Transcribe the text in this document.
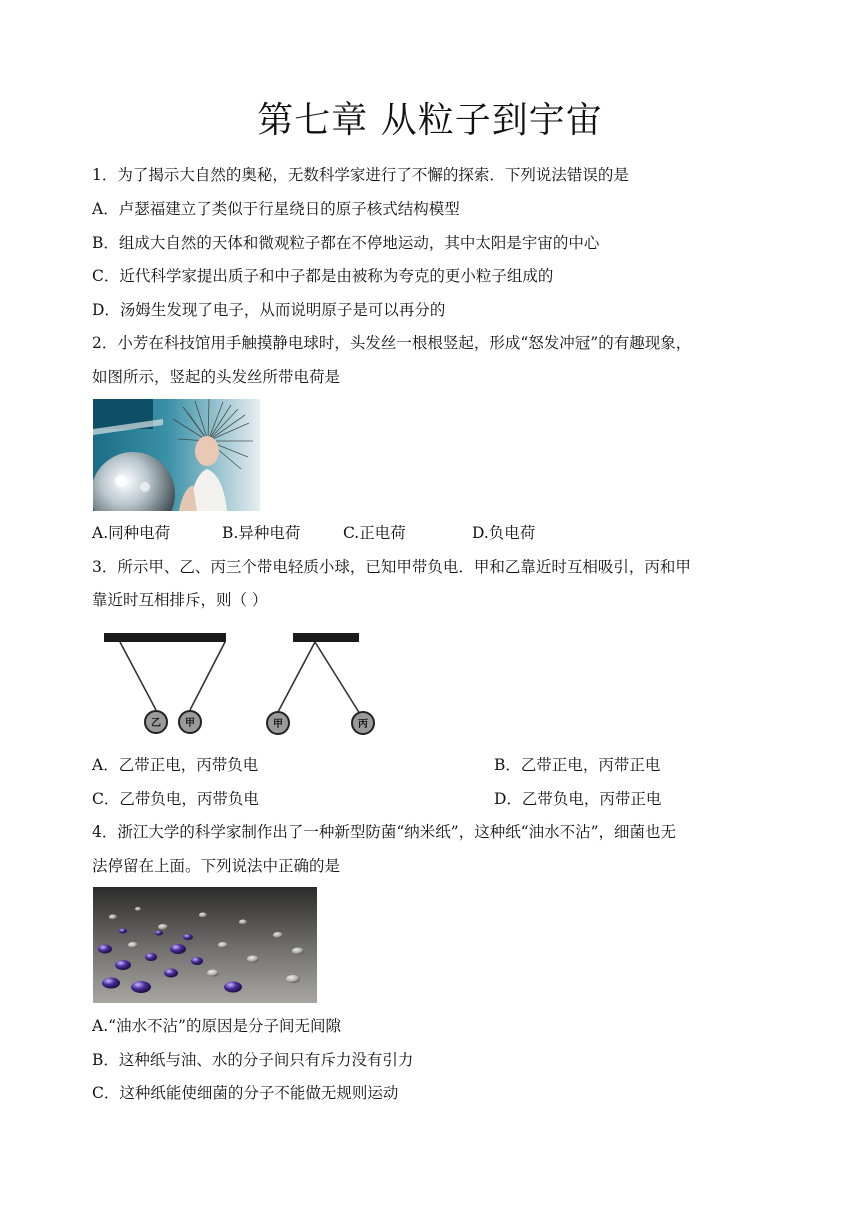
第七章 从粒子到宇宙
1．为了揭示大自然的奥秘，无数科学家进行了不懈的探索．下列说法错误的是
A．卢瑟福建立了类似于行星绕日的原子核式结构模型
B．组成大自然的天体和微观粒子都在不停地运动，其中太阳是宇宙的中心
C．近代科学家提出质子和中子都是由被称为夸克的更小粒子组成的
D．汤姆生发现了电子，从而说明原子是可以再分的
2．小芳在科技馆用手触摸静电球时，头发丝一根根竖起，形成“怒发冲冠”的有趣现象，
如图所示，竖起的头发丝所带电荷是
A.同种电荷	B.异种电荷	C.正电荷	D.负电荷
3．所示甲、乙、丙三个带电轻质小球，已知甲带负电．甲和乙靠近时互相吸引，丙和甲
靠近时互相排斥，则（ ）
乙 甲	甲	丙
A．乙带正电，丙带负电	B．乙带正电，丙带正电
C．乙带负电，丙带负电	D．乙带负电，丙带正电
4．浙江大学的科学家制作出了一种新型防菌“纳米纸”，这种纸“油水不沾”，细菌也无
法停留在上面。下列说法中正确的是
A.“油水不沾”的原因是分子间无间隙
B．这种纸与油、水的分子间只有斥力没有引力
C．这种纸能使细菌的分子不能做无规则运动
